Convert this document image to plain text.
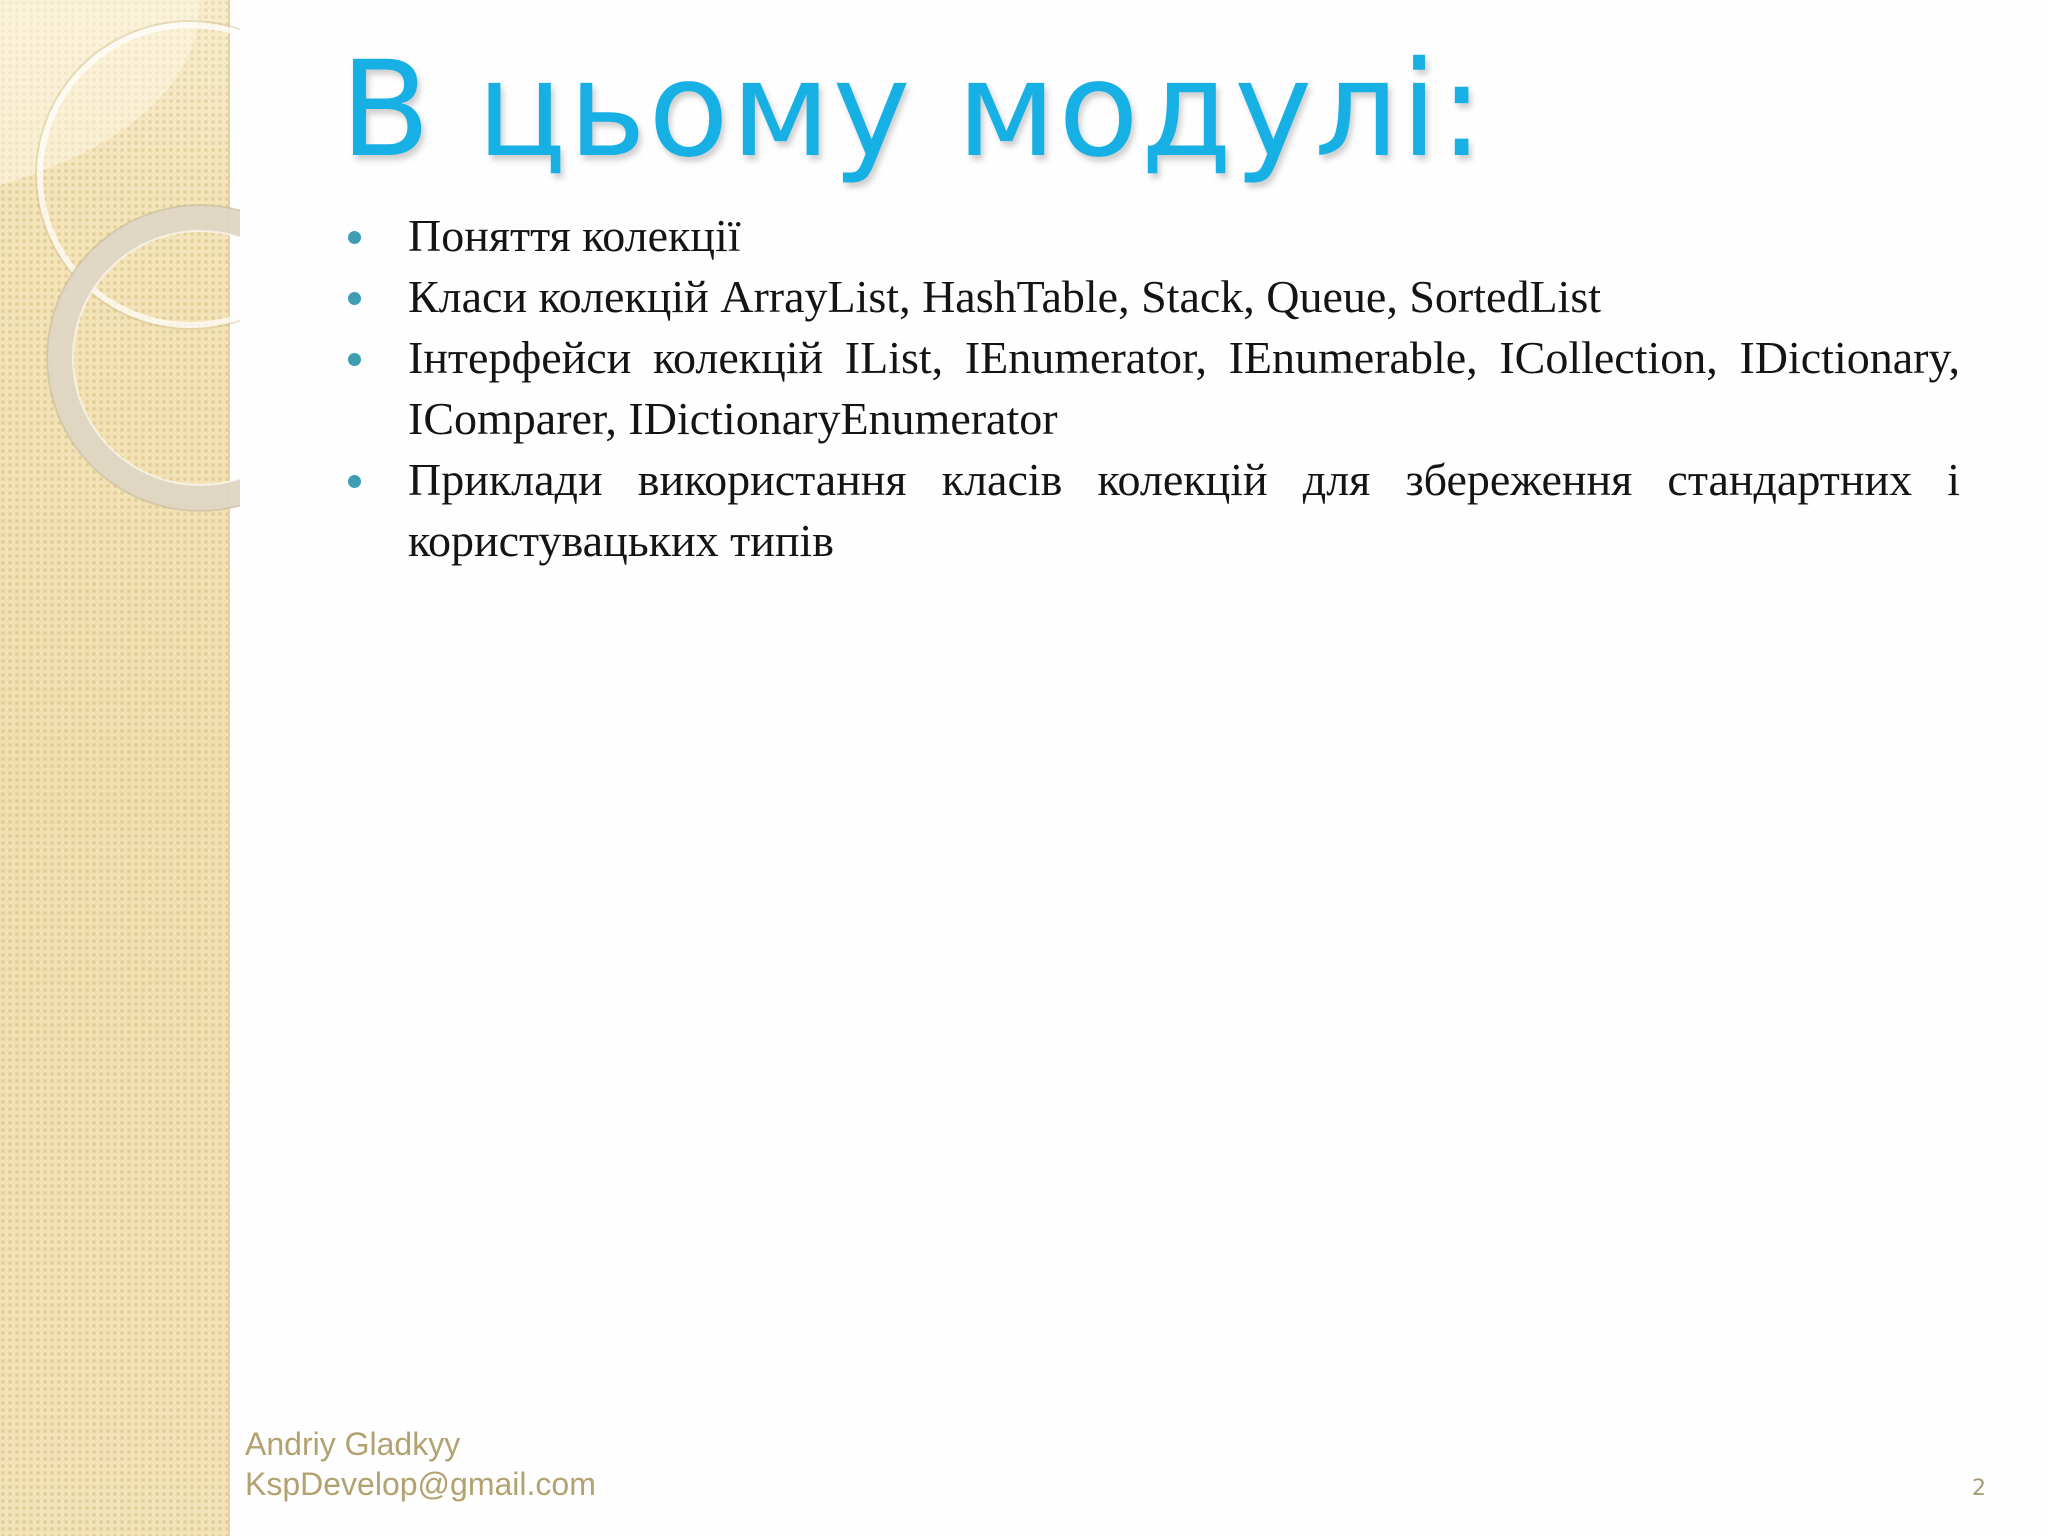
В цьому модулі:
Поняття колекції
Класи колекцій ArrayList, HashTable, Stack, Queue, SortedList
Інтерфейси колекцій IList, IEnumerator, IEnumerable, ICollection, IDictionary, IComparer, IDictionaryEnumerator
Приклади використання класів колекцій для збереження стандартних і користувацьких типів
Andriy Gladkyy
KspDevelop@gmail.com	2
